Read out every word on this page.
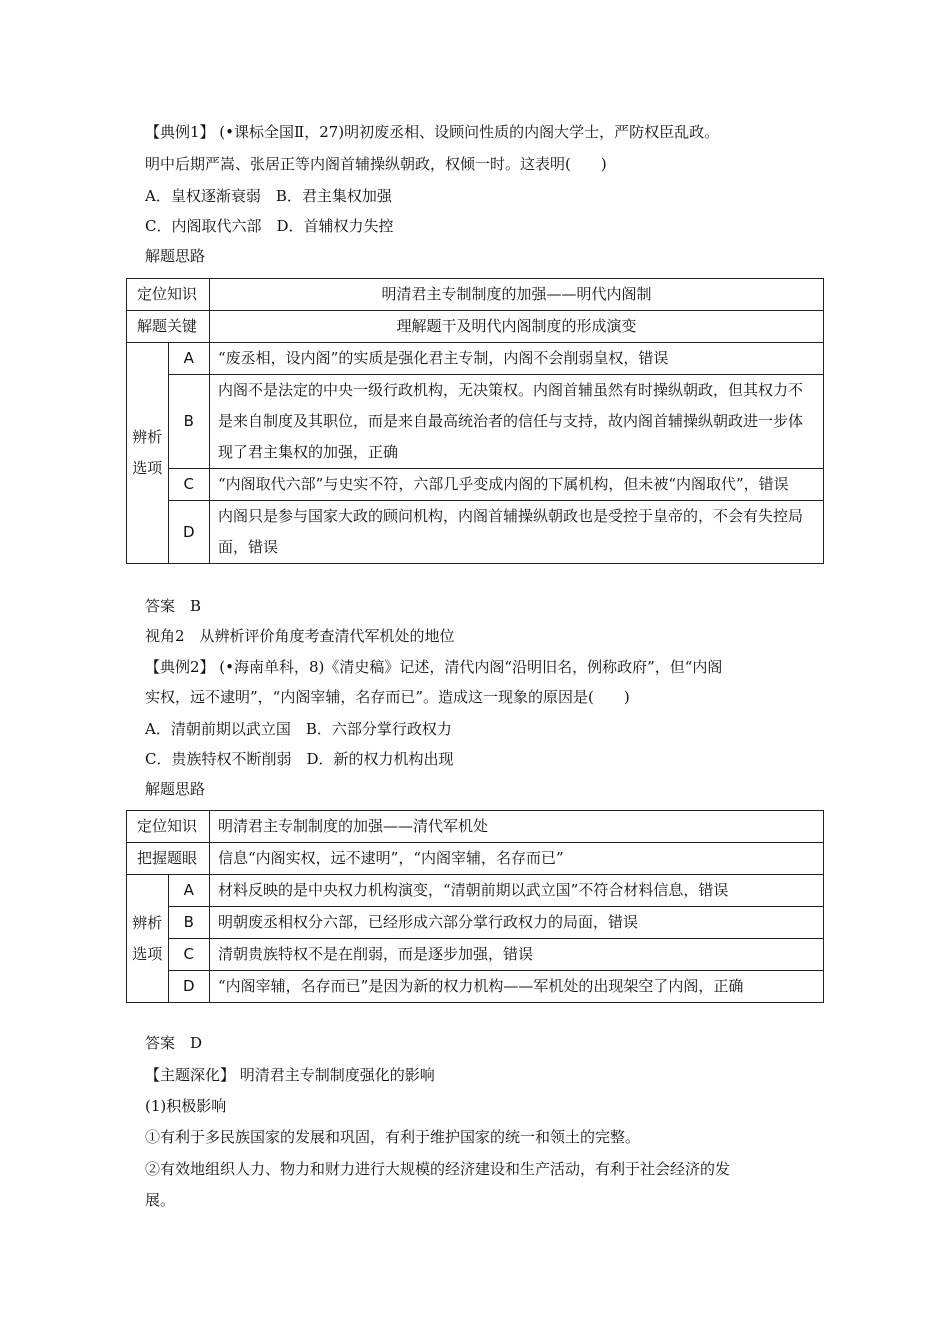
【典例1】 (•课标全国Ⅱ，27)明初废丞相、设顾问性质的内阁大学士，严防权臣乱政。
明中后期严嵩、张居正等内阁首辅操纵朝政，权倾一时。这表明(　　)
A．皇权逐渐衰弱　B．君主集权加强
C．内阁取代六部　D．首辅权力失控
解题思路
定位知识		明清君主专制制度的加强——明代内阁制
解题关键		理解题干及明代内阁制度的形成演变
辨析
选项	A	“废丞相，设内阁”的实质是强化君主专制，内阁不会削弱皇权，错误
	B	内阁不是法定的中央一级行政机构，无决策权。内阁首辅虽然有时操纵朝政，但其权力不是来自制度及其职位，而是来自最高统治者的信任与支持，故内阁首辅操纵朝政进一步体现了君主集权的加强，正确
	C	“内阁取代六部”与史实不符，六部几乎变成内阁的下属机构，但未被“内阁取代”，错误
	D	内阁只是参与国家大政的顾问机构，内阁首辅操纵朝政也是受控于皇帝的，不会有失控局面，错误
答案　B
视角2　从辨析评价角度考查清代军机处的地位
【典例2】 (•海南单科，8)《清史稿》记述，清代内阁“沿明旧名，例称政府”，但“内阁
实权，远不逮明”，“内阁宰辅，名存而已”。造成这一现象的原因是(　　)
A．清朝前期以武立国　B．六部分掌行政权力
C．贵族特权不断削弱　D．新的权力机构出现
解题思路
定位知识		明清君主专制制度的加强——清代军机处
把握题眼		信息“内阁实权，远不逮明”，“内阁宰辅，名存而已”
辨析
选项	A	材料反映的是中央权力机构演变，“清朝前期以武立国”不符合材料信息，错误
	B	明朝废丞相权分六部，已经形成六部分掌行政权力的局面，错误
	C	清朝贵族特权不是在削弱，而是逐步加强，错误
	D	“内阁宰辅，名存而已”是因为新的权力机构——军机处的出现架空了内阁，正确
答案　D
【主题深化】 明清君主专制制度强化的影响
(1)积极影响
①有利于多民族国家的发展和巩固，有利于维护国家的统一和领土的完整。
②有效地组织人力、物力和财力进行大规模的经济建设和生产活动，有利于社会经济的发
展。
